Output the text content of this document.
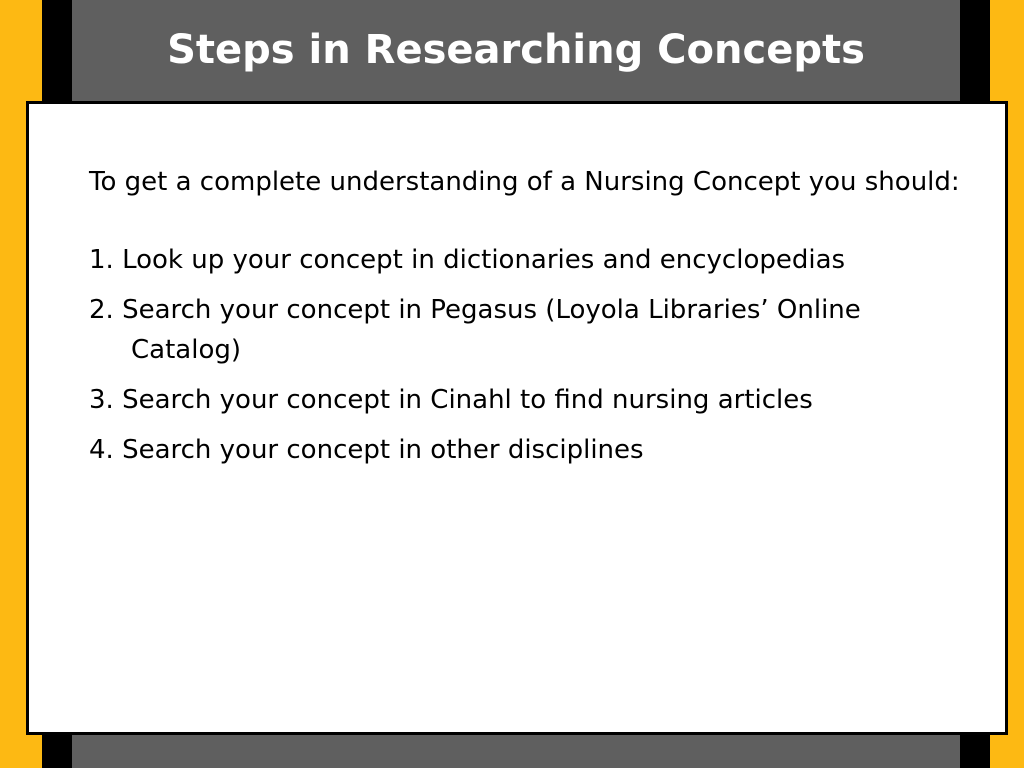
Steps in Researching Concepts

To get a complete understanding of a Nursing Concept you should:

1. Look up your concept in dictionaries and encyclopedias

2. Search your concept in Pegasus (Loyola Libraries’ Online Catalog)

3. Search your concept in Cinahl to find nursing articles

4. Search your concept in other disciplines
